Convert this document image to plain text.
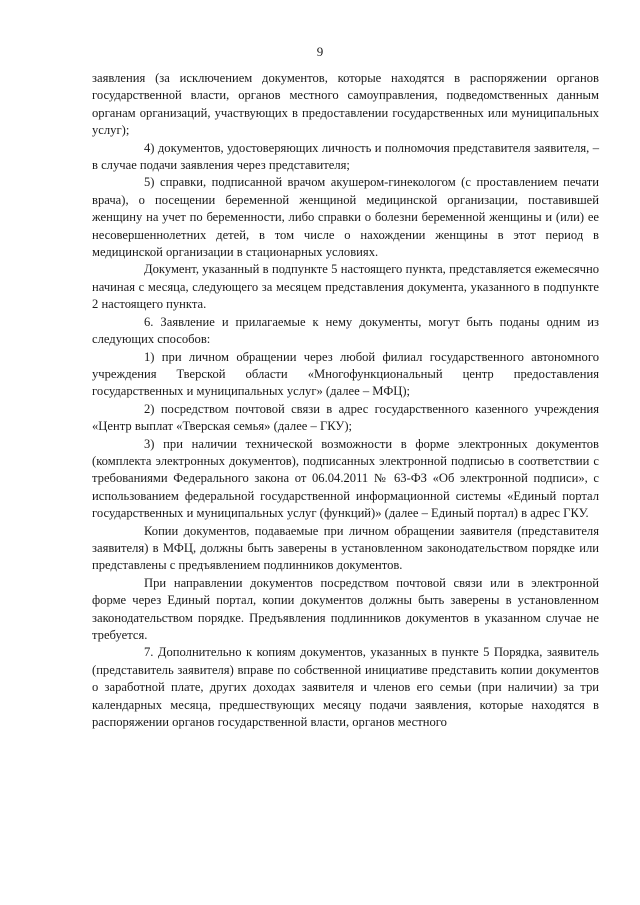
9

заявления (за исключением документов, которые находятся в распоряжении органов государственной власти, органов местного самоуправления, подведомственных данным органам организаций, участвующих в предоставлении государственных или муниципальных услуг);

4) документов, удостоверяющих личность и полномочия представителя заявителя, – в случае подачи заявления через представителя;

5) справки, подписанной врачом акушером-гинекологом (с проставлением печати врача), о посещении беременной женщиной медицинской организации, поставившей женщину на учет по беременности, либо справки о болезни беременной женщины и (или) ее несовершеннолетних детей, в том числе о нахождении женщины в этот период в медицинской организации в стационарных условиях.

Документ, указанный в подпункте 5 настоящего пункта, представляется ежемесячно начиная с месяца, следующего за месяцем представления документа, указанного в подпункте 2 настоящего пункта.

6. Заявление и прилагаемые к нему документы, могут быть поданы одним из следующих способов:

1) при личном обращении через любой филиал государственного автономного учреждения Тверской области «Многофункциональный центр предоставления государственных и муниципальных услуг» (далее – МФЦ);

2) посредством почтовой связи в адрес государственного казенного учреждения «Центр выплат «Тверская семья» (далее – ГКУ);

3) при наличии технической возможности в форме электронных документов (комплекта электронных документов), подписанных электронной подписью в соответствии с требованиями Федерального закона от 06.04.2011 № 63-ФЗ «Об электронной подписи», с использованием федеральной государственной информационной системы «Единый портал государственных и муниципальных услуг (функций)» (далее – Единый портал) в адрес ГКУ.

Копии документов, подаваемые при личном обращении заявителя (представителя заявителя) в МФЦ, должны быть заверены в установленном законодательством порядке или представлены с предъявлением подлинников документов.

При направлении документов посредством почтовой связи или в электронной форме через Единый портал, копии документов должны быть заверены в установленном законодательством порядке. Предъявления подлинников документов в указанном случае не требуется.

7. Дополнительно к копиям документов, указанных в пункте 5 Порядка, заявитель (представитель заявителя) вправе по собственной инициативе представить копии документов о заработной плате, других доходах заявителя и членов его семьи (при наличии) за три календарных месяца, предшествующих месяцу подачи заявления, которые находятся в распоряжении органов государственной власти, органов местного
